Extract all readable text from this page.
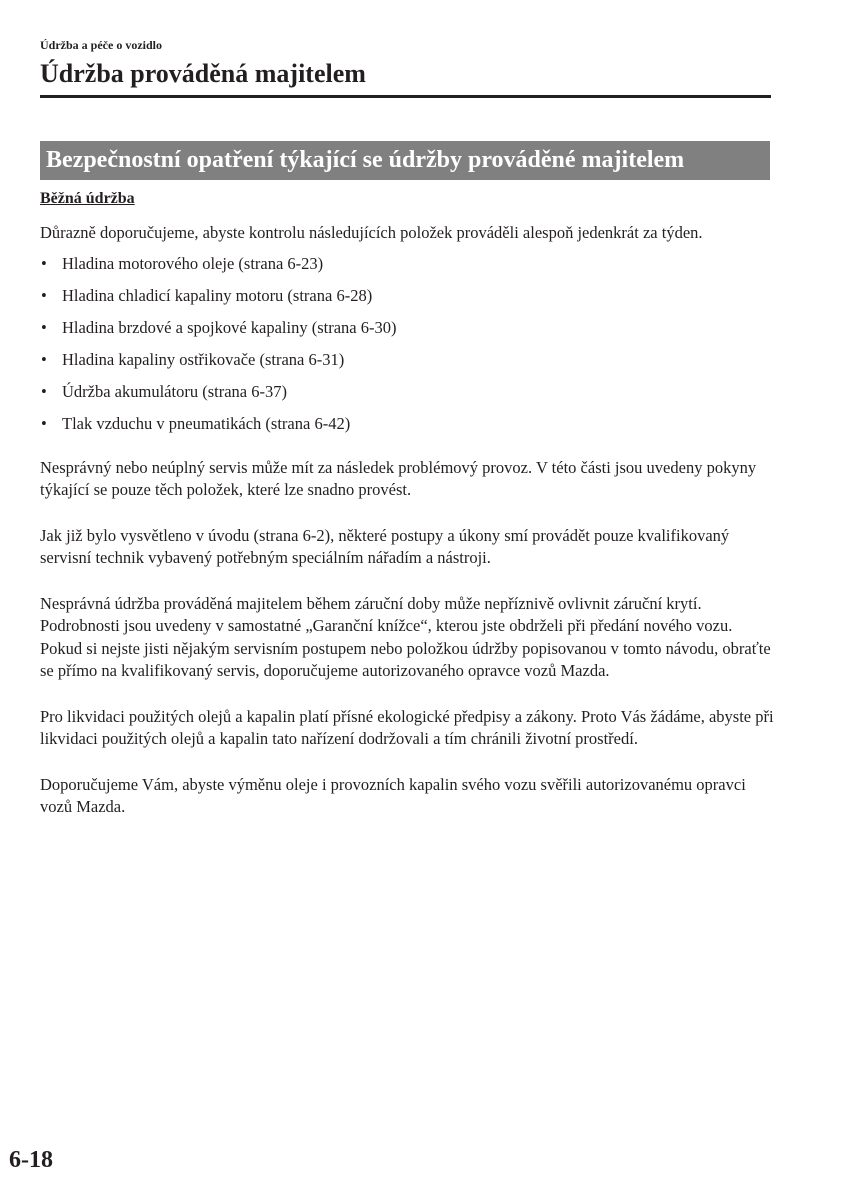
Údržba a péče o vozidlo
Údržba prováděná majitelem
Bezpečnostní opatření týkající se údržby prováděné majitelem

Běžná údržba

Důrazně doporučujeme, abyste kontrolu následujících položek prováděli alespoň jedenkrát za týden.

• Hladina motorového oleje (strana 6-23)
• Hladina chladicí kapaliny motoru (strana 6-28)
• Hladina brzdové a spojkové kapaliny (strana 6-30)
• Hladina kapaliny ostřikovače (strana 6-31)
• Údržba akumulátoru (strana 6-37)
• Tlak vzduchu v pneumatikách (strana 6-42)

Nesprávný nebo neúplný servis může mít za následek problémový provoz. V této části jsou uvedeny pokyny týkající se pouze těch položek, které lze snadno provést.

Jak již bylo vysvětleno v úvodu (strana 6-2), některé postupy a úkony smí provádět pouze kvalifikovaný servisní technik vybavený potřebným speciálním nářadím a nástroji.

Nesprávná údržba prováděná majitelem během záruční doby může nepříznivě ovlivnit záruční krytí. Podrobnosti jsou uvedeny v samostatné „Garanční knížce“, kterou jste obdrželi při předání nového vozu. Pokud si nejste jisti nějakým servisním postupem nebo položkou údržby popisovanou v tomto návodu, obraťte se přímo na kvalifikovaný servis, doporučujeme autorizovaného opravce vozů Mazda.

Pro likvidaci použitých olejů a kapalin platí přísné ekologické předpisy a zákony. Proto Vás žádáme, abyste při likvidaci použitých olejů a kapalin tato nařízení dodržovali a tím chránili životní prostředí.

Doporučujeme Vám, abyste výměnu oleje i provozních kapalin svého vozu svěřili autorizovanému opravci vozů Mazda.

6-18
